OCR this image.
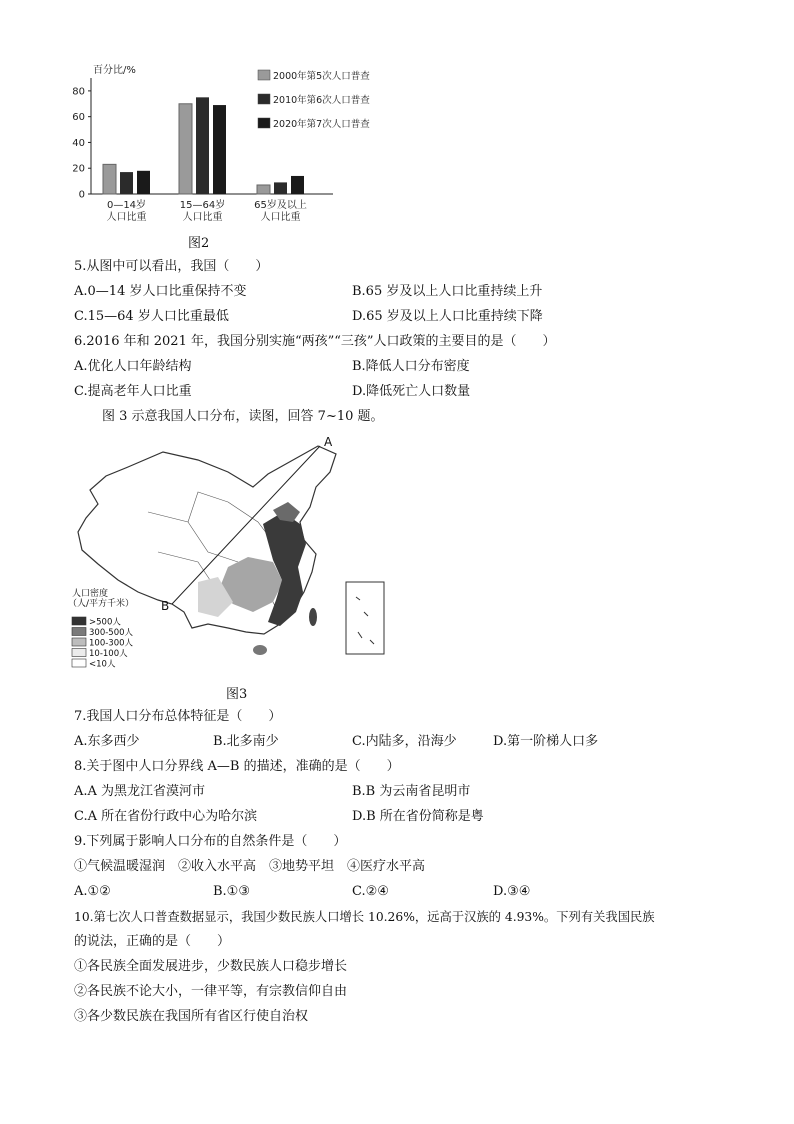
百分比/%
0
20
40
60
80
0—14岁
人口比重
15—64岁
人口比重
65岁及以上
人口比重
2000年第5次人口普查
2010年第6次人口普查
2020年第7次人口普查
图2
5.从图中可以看出，我国（　　）
A.0—14 岁人口比重保持不变	B.65 岁及以上人口比重持续上升
C.15—64 岁人口比重最低	D.65 岁及以上人口比重持续下降
6.2016 年和 2021 年，我国分别实施“两孩”“三孩”人口政策的主要目的是（　　）
A.优化人口年龄结构	B.降低人口分布密度
C.提高老年人口比重	D.降低死亡人口数量
图 3 示意我国人口分布，读图，回答 7~10 题。
A
B
人口密度
（人/平方千米）
>500人
300-500人
100-300人
10-100人
<10人
图3
7.我国人口分布总体特征是（　　）
A.东多西少	B.北多南少	C.内陆多，沿海少	D.第一阶梯人口多
8.关于图中人口分界线 A—B 的描述，准确的是（　　）
A.A 为黑龙江省漠河市	B.B 为云南省昆明市
C.A 所在省份行政中心为哈尔滨	D.B 所在省份简称是粤
9.下列属于影响人口分布的自然条件是（　　）
①气候温暖湿润　②收入水平高　③地势平坦　④医疗水平高
A.①②	B.①③	C.②④	D.③④
10.第七次人口普查数据显示，我国少数民族人口增长 10.26%，远高于汉族的 4.93%。下列有关我国民族
的说法，正确的是（　　）
①各民族全面发展进步，少数民族人口稳步增长
②各民族不论大小，一律平等，有宗教信仰自由
③各少数民族在我国所有省区行使自治权
